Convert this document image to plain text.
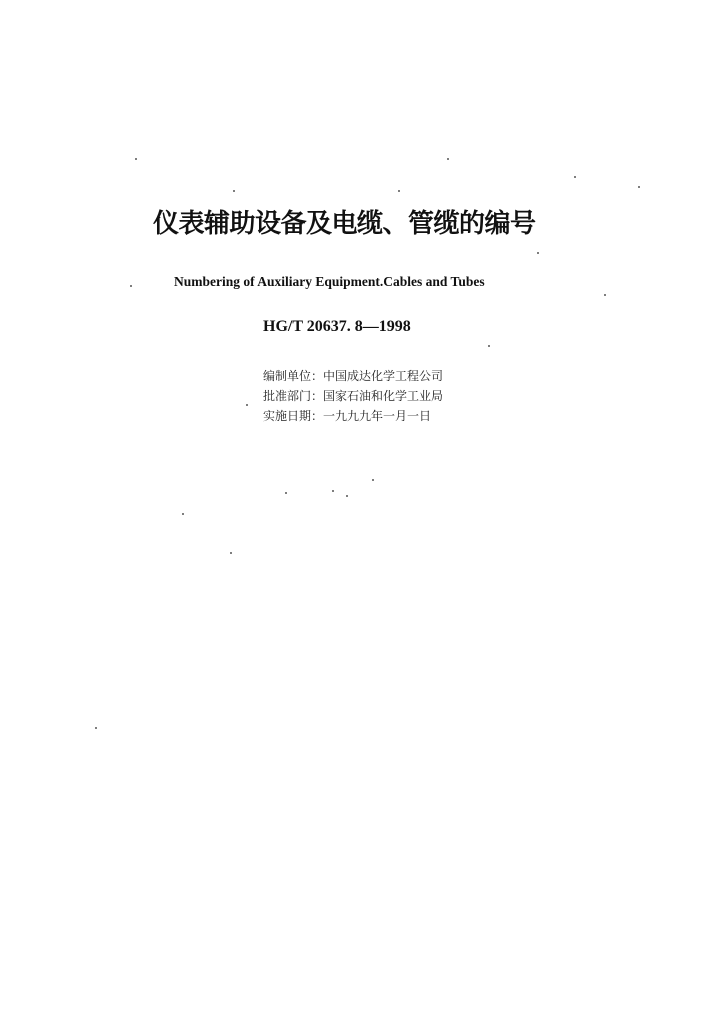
仪表辅助设备及电缆、管缆的编号
Numbering of Auxiliary Equipment.Cables and Tubes
HG/T 20637. 8—1998
编制单位：中国成达化学工程公司
批准部门：国家石油和化学工业局
实施日期：一九九九年一月一日
